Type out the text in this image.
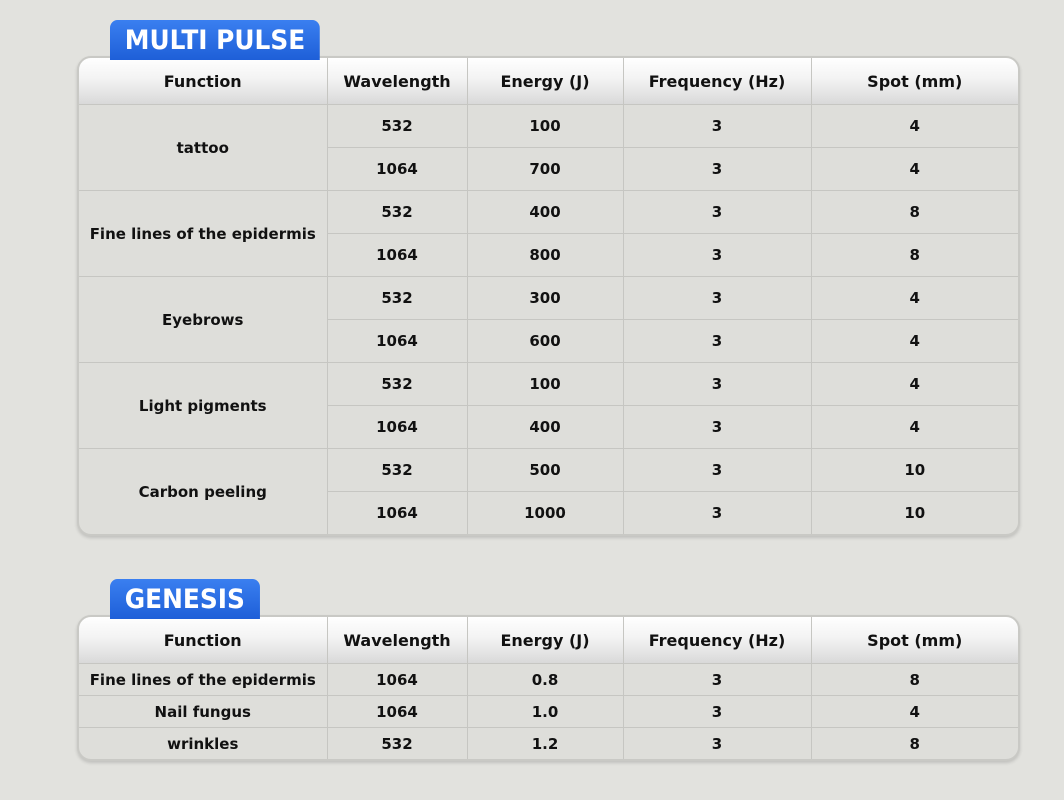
MULTI PULSE
Function	Wavelength	Energy (J)	Frequency (Hz)	Spot (mm)
tattoo	532	100	3	4
	1064	700	3	4
Fine lines of the epidermis	532	400	3	8
	1064	800	3	8
Eyebrows	532	300	3	4
	1064	600	3	4
Light pigments	532	100	3	4
	1064	400	3	4
Carbon peeling	532	500	3	10
	1064	1000	3	10
GENESIS
Function	Wavelength	Energy (J)	Frequency (Hz)	Spot (mm)
Fine lines of the epidermis	1064	0.8	3	8
Nail fungus	1064	1.0	3	4
wrinkles	532	1.2	3	8
